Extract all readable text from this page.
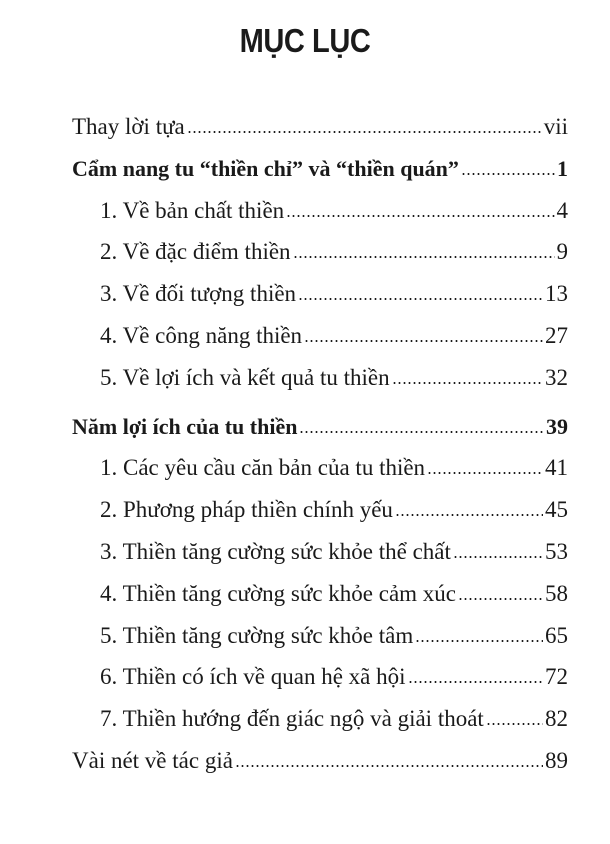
MỤC LỤC
Thay lời tựa	vii
Cẩm nang tu “thiền chỉ” và “thiền quán”	1
1. Về bản chất thiền	4
2. Về đặc điểm thiền	9
3. Về đối tượng thiền	13
4. Về công năng thiền	27
5. Về lợi ích và kết quả tu thiền	32
Năm lợi ích của tu thiền	39
1. Các yêu cầu căn bản của tu thiền	41
2. Phương pháp thiền chính yếu	45
3. Thiền tăng cường sức khỏe thể chất	53
4. Thiền tăng cường sức khỏe cảm xúc	58
5. Thiền tăng cường sức khỏe tâm	65
6. Thiền có ích về quan hệ xã hội	72
7. Thiền hướng đến giác ngộ và giải thoát	82
Vài nét về tác giả	89
